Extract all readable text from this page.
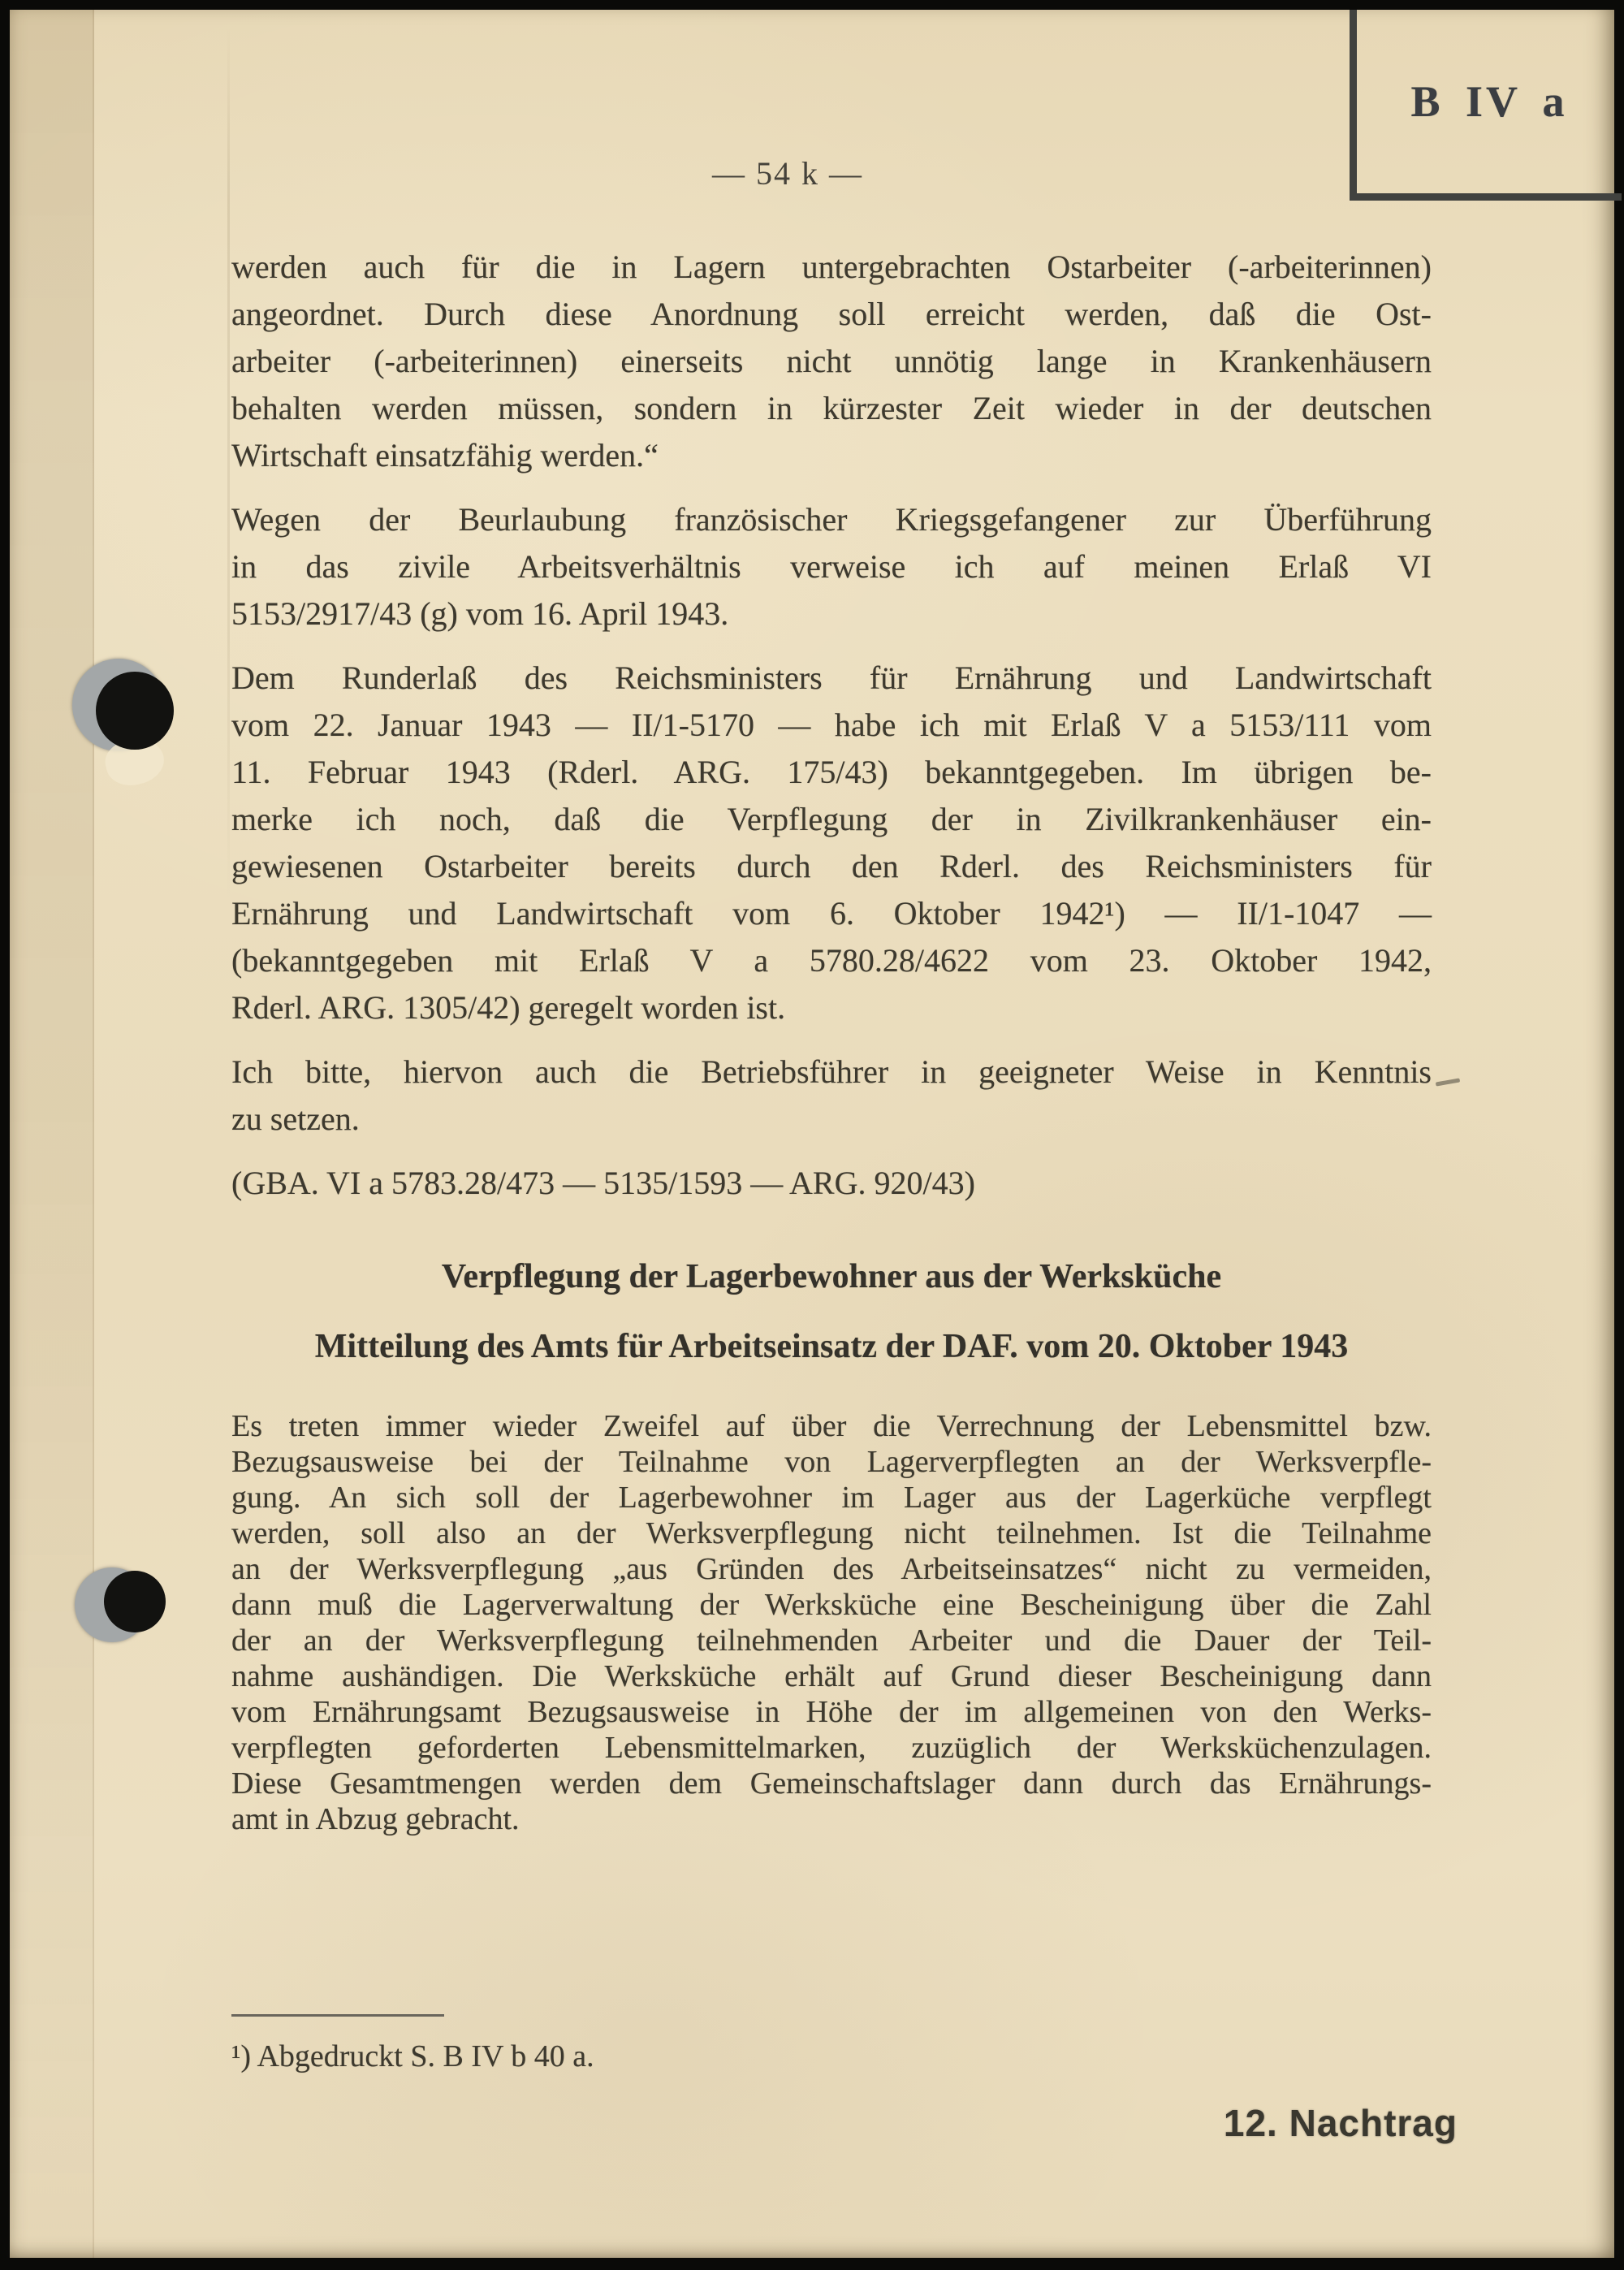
B IV a
— 54 k —
werden auch für die in Lagern untergebrachten Ostarbeiter (-arbeiterinnen)
angeordnet. Durch diese Anordnung soll erreicht werden, daß die Ost-
arbeiter (-arbeiterinnen) einerseits nicht unnötig lange in Krankenhäusern
behalten werden müssen, sondern in kürzester Zeit wieder in der deutschen
Wirtschaft einsatzfähig werden.“
Wegen der Beurlaubung französischer Kriegsgefangener zur Überführung
in das zivile Arbeitsverhältnis verweise ich auf meinen Erlaß VI
5153/2917/43 (g) vom 16. April 1943.
Dem Runderlaß des Reichsministers für Ernährung und Landwirtschaft
vom 22. Januar 1943 — II/1-5170 — habe ich mit Erlaß V a 5153/111 vom
11. Februar 1943 (Rderl. ARG. 175/43) bekanntgegeben. Im übrigen be-
merke ich noch, daß die Verpflegung der in Zivilkrankenhäuser ein-
gewiesenen Ostarbeiter bereits durch den Rderl. des Reichsministers für
Ernährung und Landwirtschaft vom 6. Oktober 1942¹) — II/1-1047 —
(bekanntgegeben mit Erlaß V a 5780.28/4622 vom 23. Oktober 1942,
Rderl. ARG. 1305/42) geregelt worden ist.
Ich bitte, hiervon auch die Betriebsführer in geeigneter Weise in Kenntnis
zu setzen.
(GBA. VI a 5783.28/473 — 5135/1593 — ARG. 920/43)
Verpflegung der Lagerbewohner aus der Werksküche
Mitteilung des Amts für Arbeitseinsatz der DAF. vom 20. Oktober 1943
Es treten immer wieder Zweifel auf über die Verrechnung der Lebensmittel bzw.
Bezugsausweise bei der Teilnahme von Lagerverpflegten an der Werksverpfle-
gung. An sich soll der Lagerbewohner im Lager aus der Lagerküche verpflegt
werden, soll also an der Werksverpflegung nicht teilnehmen. Ist die Teilnahme
an der Werksverpflegung „aus Gründen des Arbeitseinsatzes“ nicht zu vermeiden,
dann muß die Lagerverwaltung der Werksküche eine Bescheinigung über die Zahl
der an der Werksverpflegung teilnehmenden Arbeiter und die Dauer der Teil-
nahme aushändigen. Die Werksküche erhält auf Grund dieser Bescheinigung dann
vom Ernährungsamt Bezugsausweise in Höhe der im allgemeinen von den Werks-
verpflegten geforderten Lebensmittelmarken, zuzüglich der Werksküchenzulagen.
Diese Gesamtmengen werden dem Gemeinschaftslager dann durch das Ernährungs-
amt in Abzug gebracht.
¹) Abgedruckt S. B IV b 40 a.
12. Nachtrag
